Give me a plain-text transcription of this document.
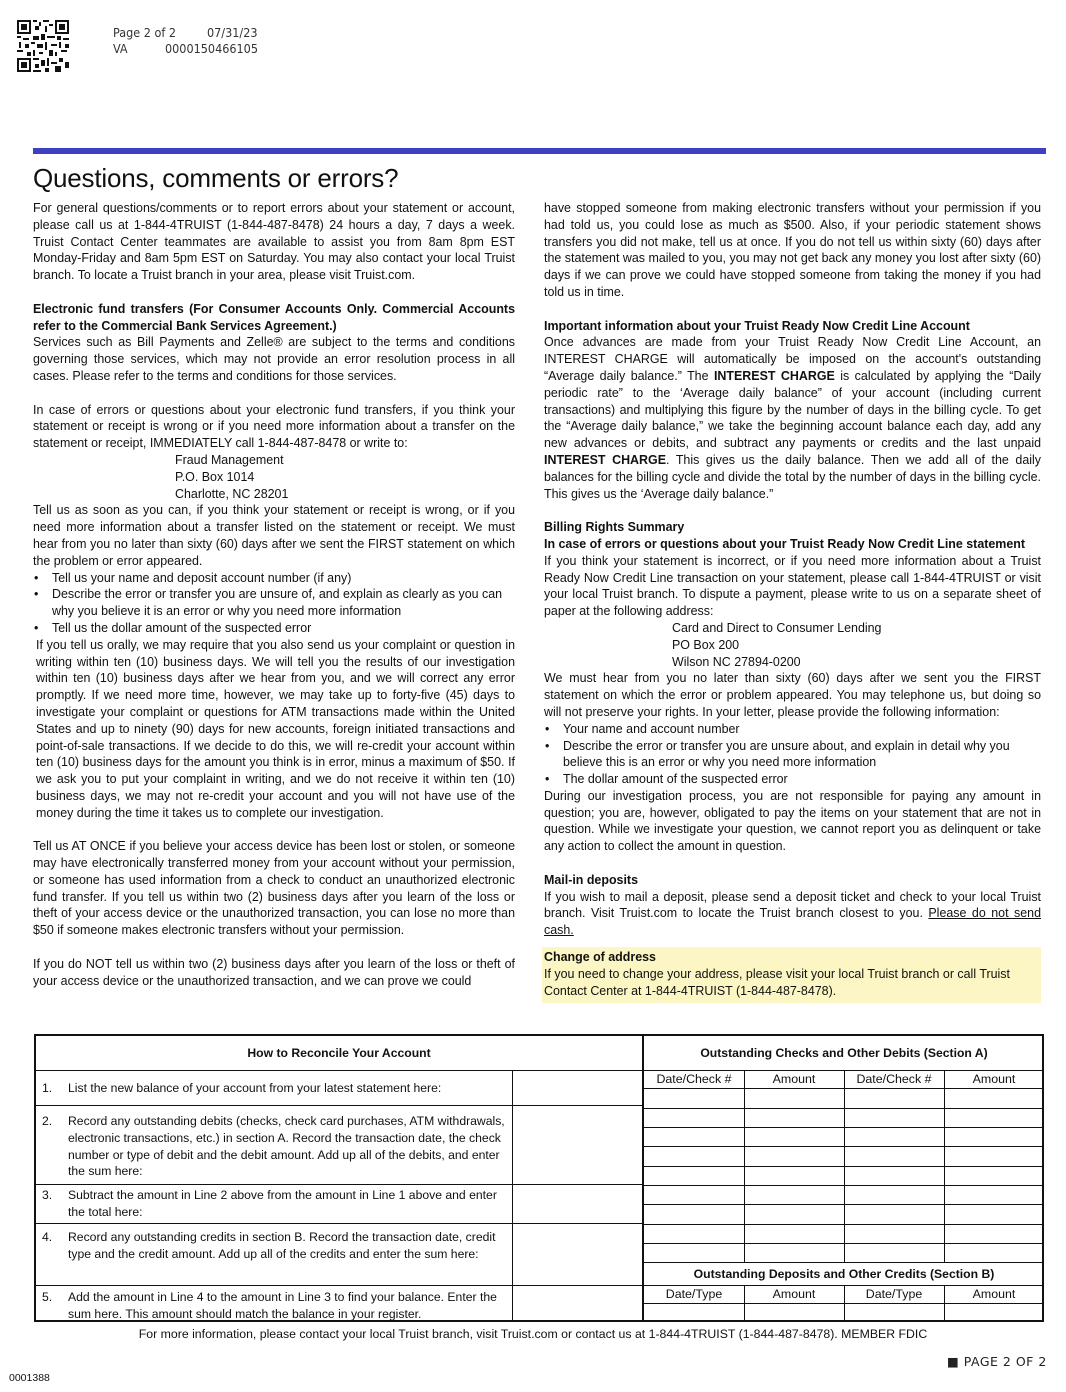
Page 2 of 2 07/31/23
VA	0000150466105
Questions, comments or errors?

For general questions/comments or to report errors about your statement or account, please call us at 1-844-4TRUIST (1-844-487-8478) 24 hours a day, 7 days a week. Truist Contact Center teammates are available to assist you from 8am 8pm EST Monday-Friday and 8am 5pm EST on Saturday. You may also contact your local Truist branch. To locate a Truist branch in your area, please visit Truist.com.

Electronic fund transfers (For Consumer Accounts Only. Commercial Accounts refer to the Commercial Bank Services Agreement.)

Services such as Bill Payments and Zelle® are subject to the terms and conditions governing those services, which may not provide an error resolution process in all cases. Please refer to the terms and conditions for those services.

In case of errors or questions about your electronic fund transfers, if you think your statement or receipt is wrong or if you need more information about a transfer on the statement or receipt, IMMEDIATELY call 1-844-487-8478 or write to:

Fraud Management

P.O. Box 1014

Charlotte, NC 28201

Tell us as soon as you can, if you think your statement or receipt is wrong, or if you need more information about a transfer listed on the statement or receipt. We must hear from you no later than sixty (60) days after we sent the FIRST statement on which the problem or error appeared.

• Tell us your name and deposit account number (if any)
• Describe the error or transfer you are unsure of, and explain as clearly as you can why you believe it is an error or why you need more information
• Tell us the dollar amount of the suspected error

If you tell us orally, we may require that you also send us your complaint or question in writing within ten (10) business days. We will tell you the results of our investigation within ten (10) business days after we hear from you, and we will correct any error promptly. If we need more time, however, we may take up to forty-five (45) days to investigate your complaint or questions for ATM transactions made within the United States and up to ninety (90) days for new accounts, foreign initiated transactions and point-of-sale transactions. If we decide to do this, we will re-credit your account within ten (10) business days for the amount you think is in error, minus a maximum of $50. If we ask you to put your complaint in writing, and we do not receive it within ten (10) business days, we may not re-credit your account and you will not have use of the money during the time it takes us to complete our investigation.

Tell us AT ONCE if you believe your access device has been lost or stolen, or someone may have electronically transferred money from your account without your permission, or someone has used information from a check to conduct an unauthorized electronic fund transfer. If you tell us within two (2) business days after you learn of the loss or theft of your access device or the unauthorized transaction, you can lose no more than $50 if someone makes electronic transfers without your permission.

If you do NOT tell us within two (2) business days after you learn of the loss or theft of your access device or the unauthorized transaction, and we can prove we could

have stopped someone from making electronic transfers without your permission if you had told us, you could lose as much as $500. Also, if your periodic statement shows transfers you did not make, tell us at once. If you do not tell us within sixty (60) days after the statement was mailed to you, you may not get back any money you lost after sixty (60) days if we can prove we could have stopped someone from taking the money if you had told us in time.

Important information about your Truist Ready Now Credit Line Account

Once advances are made from your Truist Ready Now Credit Line Account, an INTEREST CHARGE will automatically be imposed on the account's outstanding “Average daily balance.” The INTEREST CHARGE is calculated by applying the “Daily periodic rate” to the ‘Average daily balance” of your account (including current transactions) and multiplying this figure by the number of days in the billing cycle. To get the “Average daily balance,” we take the beginning account balance each day, add any new advances or debits, and subtract any payments or credits and the last unpaid INTEREST CHARGE. This gives us the daily balance. Then we add all of the daily balances for the billing cycle and divide the total by the number of days in the billing cycle. This gives us the ‘Average daily balance.”

Billing Rights Summary

In case of errors or questions about your Truist Ready Now Credit Line statement

If you think your statement is incorrect, or if you need more information about a Truist Ready Now Credit Line transaction on your statement, please call 1-844-4TRUIST or visit your local Truist branch. To dispute a payment, please write to us on a separate sheet of paper at the following address:

Card and Direct to Consumer Lending

PO Box 200

Wilson NC 27894-0200

We must hear from you no later than sixty (60) days after we sent you the FIRST statement on which the error or problem appeared. You may telephone us, but doing so will not preserve your rights. In your letter, please provide the following information:

• Your name and account number
• Describe the error or transfer you are unsure about, and explain in detail why you believe this is an error or why you need more information
• The dollar amount of the suspected error

During our investigation process, you are not responsible for paying any amount in question; you are, however, obligated to pay the items on your statement that are not in question. While we investigate your question, we cannot report you as delinquent or take any action to collect the amount in question.

Mail-in deposits

If you wish to mail a deposit, please send a deposit ticket and check to your local Truist branch. Visit Truist.com to locate the Truist branch closest to you. Please do not send cash.

Change of address

If you need to change your address, please visit your local Truist branch or call Truist Contact Center at 1-844-4TRUIST (1-844-487-8478).

How to Reconcile Your Account
1. List the new balance of your account from your latest statement here:
2. Record any outstanding debits (checks, check card purchases, ATM withdrawals, electronic transactions, etc.) in section A. Record the transaction date, the check number or type of debit and the debit amount. Add up all of the debits, and enter the sum here:
3. Subtract the amount in Line 2 above from the amount in Line 1 above and enter the total here:
4. Record any outstanding credits in section B. Record the transaction date, credit type and the credit amount. Add up all of the credits and enter the sum here:
5. Add the amount in Line 4 to the amount in Line 3 to find your balance. Enter the sum here. This amount should match the balance in your register.
Outstanding Checks and Other Debits (Section A)
Date/Check #	Amount	Date/Check #	Amount
Outstanding Deposits and Other Credits (Section B)
Date/Type	Amount	Date/Type	Amount
For more information, please contact your local Truist branch, visit Truist.com or contact us at 1-844-4TRUIST (1-844-487-8478). MEMBER FDIC
■ PAGE 2 OF 2
0001388
